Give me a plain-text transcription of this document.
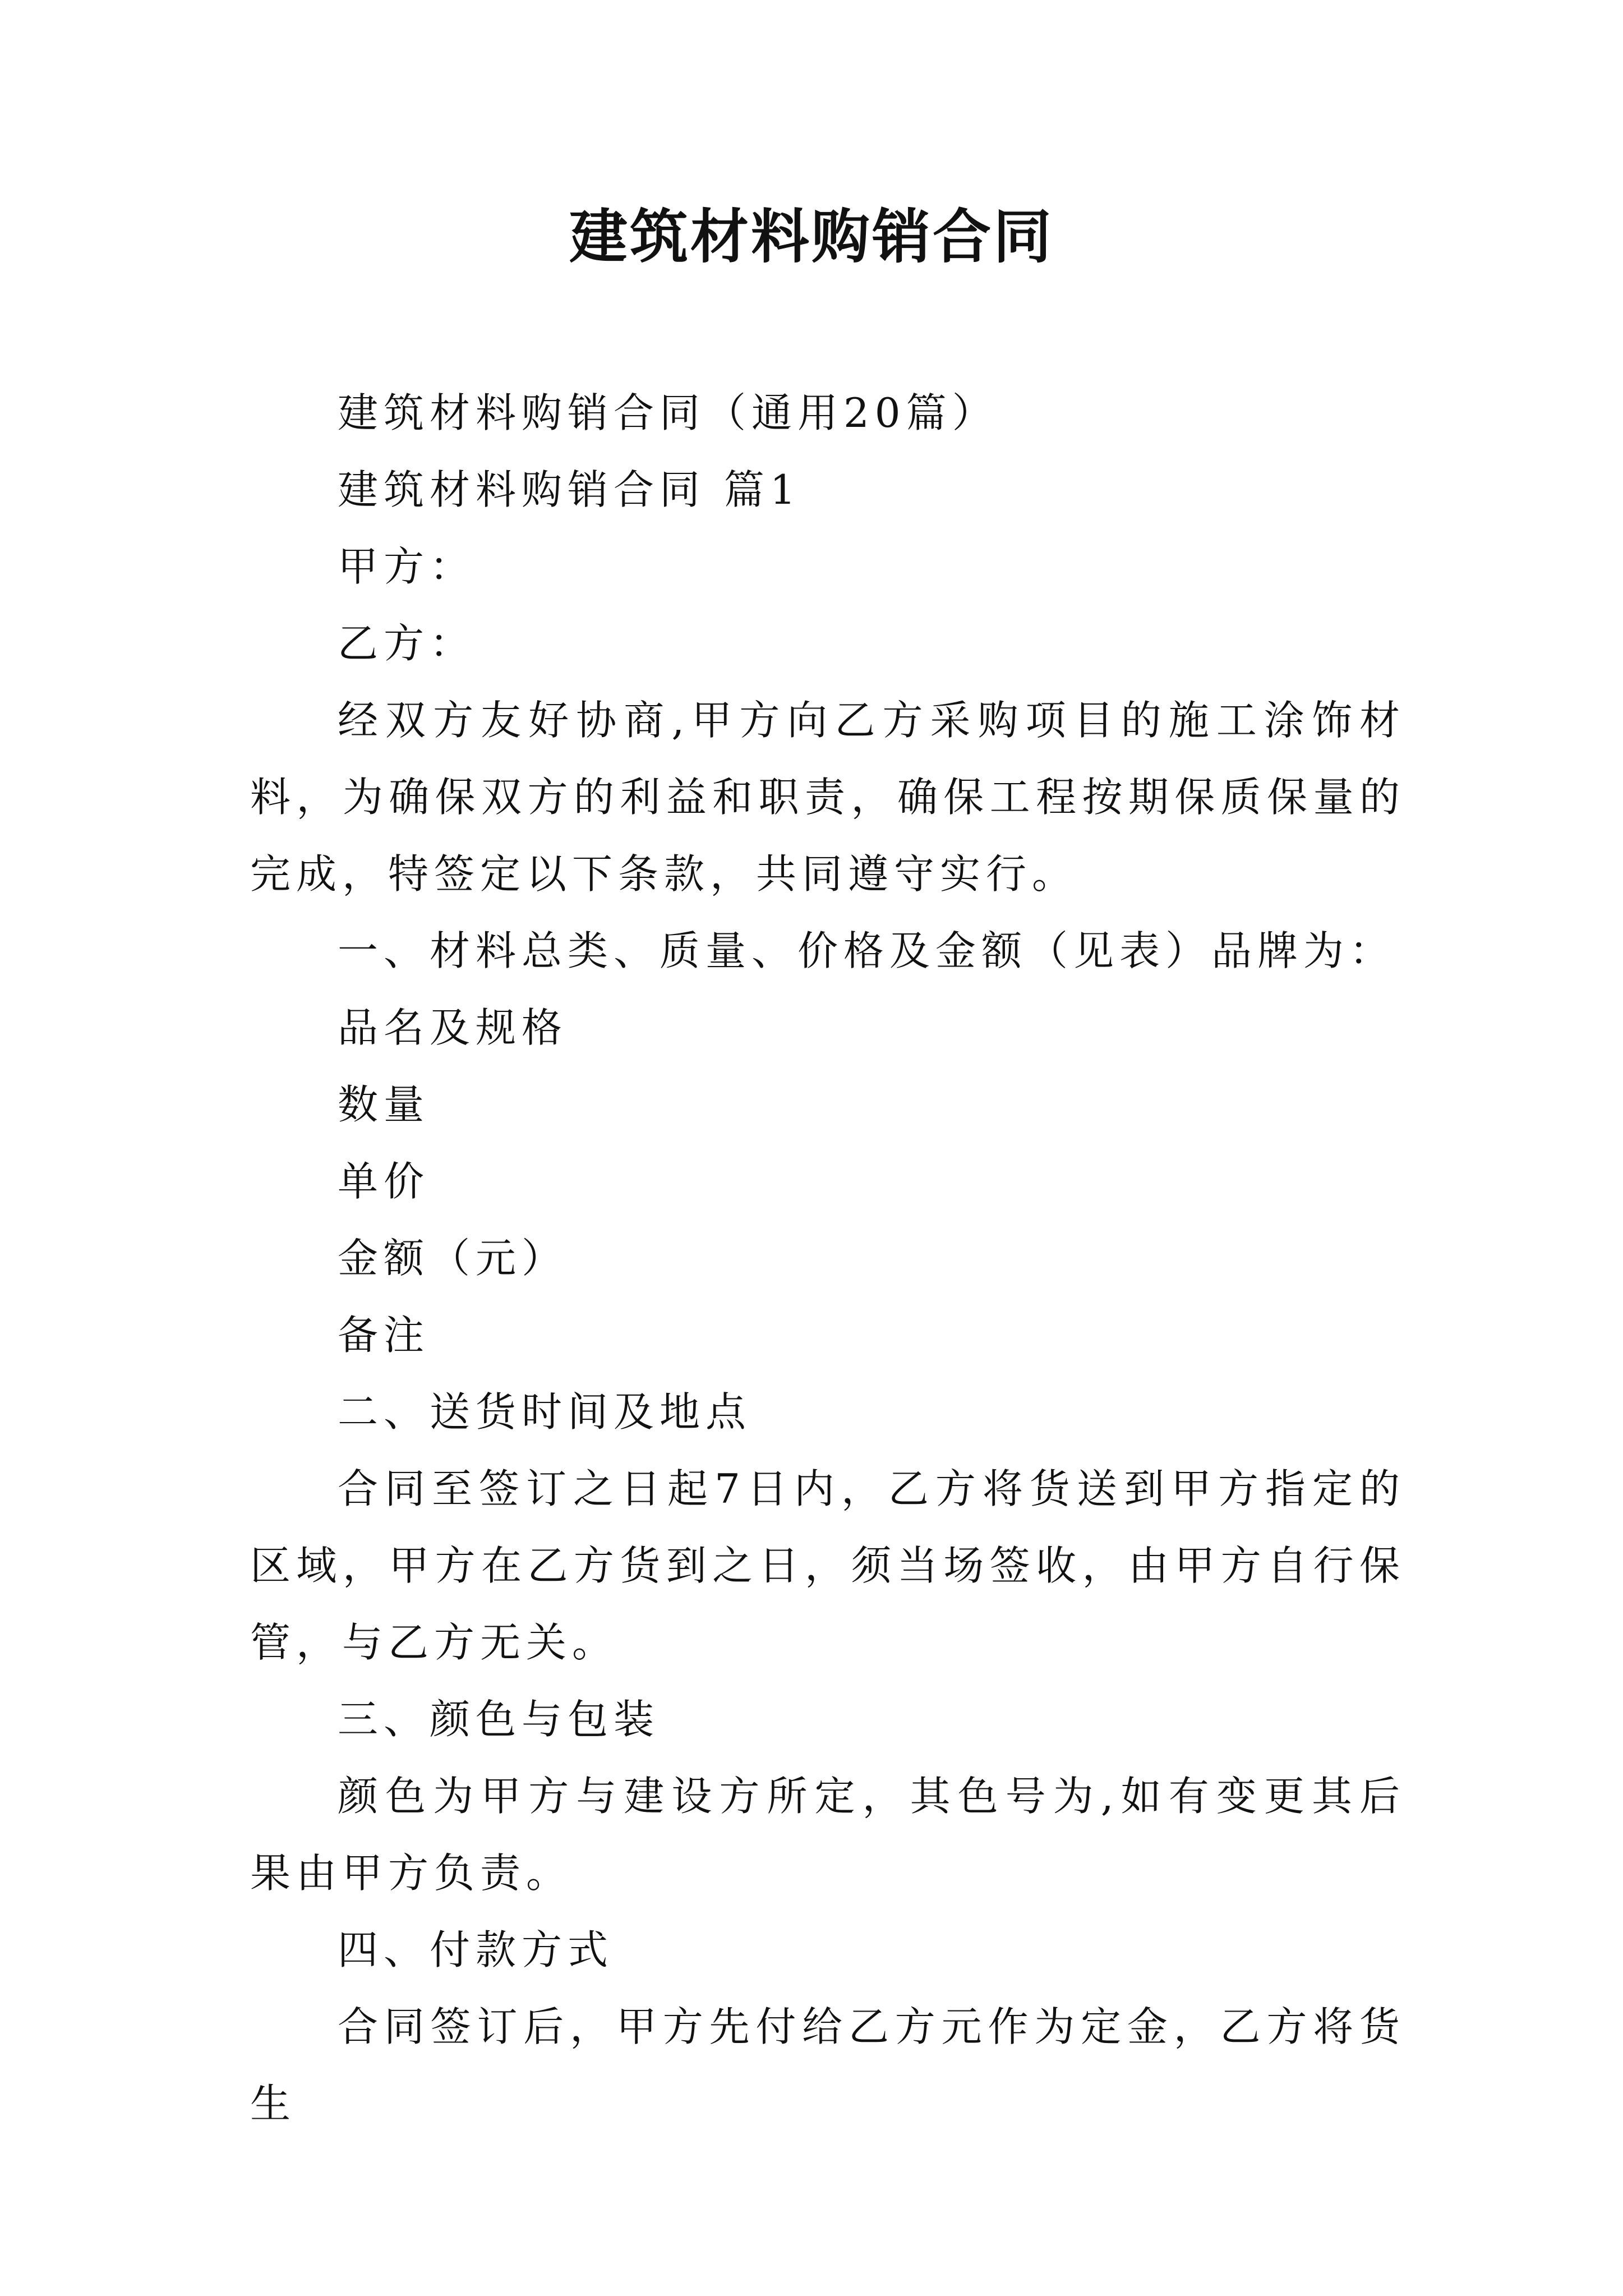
建筑材料购销合同

建筑材料购销合同（通用20篇）

建筑材料购销合同 篇1

甲方：

乙方：

经双方友好协商,甲方向乙方采购项目的施工涂饰材料，为确保双方的利益和职责，确保工程按期保质保量的完成，特签定以下条款，共同遵守实行。

一、材料总类、质量、价格及金额（见表）品牌为：

品名及规格

数量

单价

金额（元）

备注

二、送货时间及地点

合同至签订之日起7日内，乙方将货送到甲方指定的区域，甲方在乙方货到之日，须当场签收，由甲方自行保管，与乙方无关。

三、颜色与包装

颜色为甲方与建设方所定，其色号为,如有变更其后果由甲方负责。

四、付款方式

合同签订后，甲方先付给乙方元作为定金，乙方将货生
